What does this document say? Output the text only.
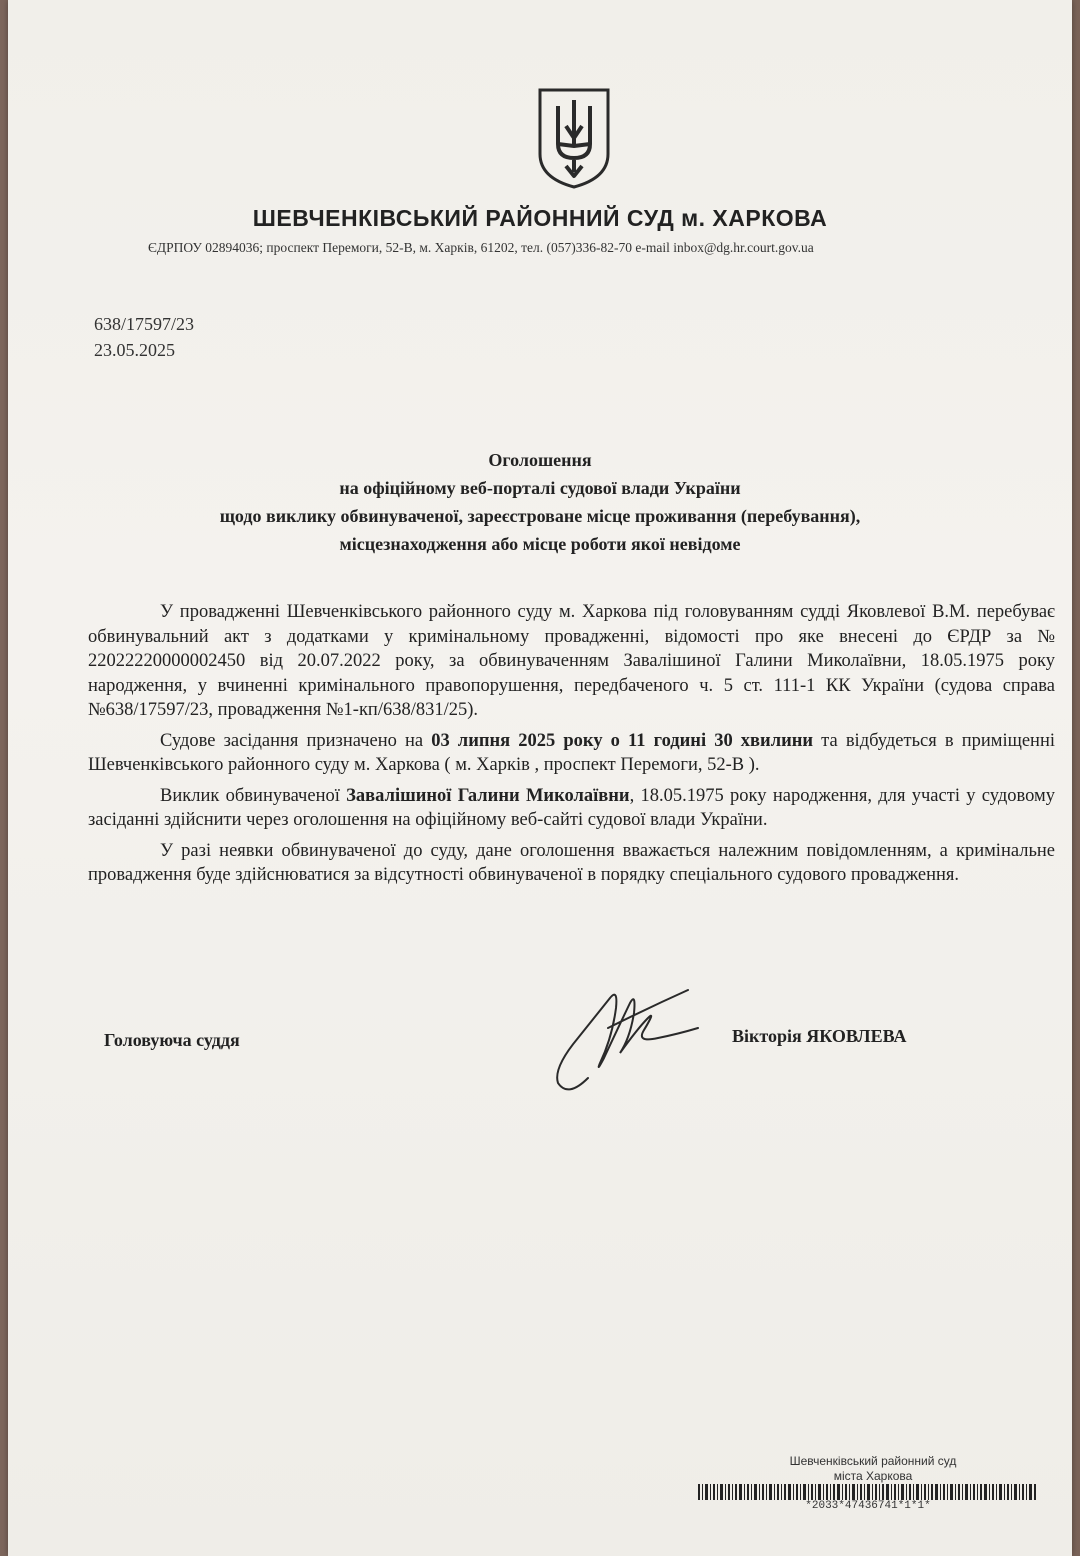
ШЕВЧЕНКІВСЬКИЙ РАЙОННИЙ СУД м. ХАРКОВА
ЄДРПОУ 02894036; проспект Перемоги, 52-В, м. Харків, 61202, тел. (057)336-82-70 e-mail inbox@dg.hr.court.gov.ua
638/17597/23
23.05.2025
Оголошення
на офіційному веб-порталі судової влади України
щодо виклику обвинуваченої, зареєстроване місце проживання (перебування),
місцезнаходження або місце роботи якої невідоме

У провадженні Шевченківського районного суду м. Харкова під головуванням судді Яковлевої В.М. перебуває обвинувальний акт з додатками у кримінальному провадженні, відомості про яке внесені до ЄРДР за № 22022220000002450 від 20.07.2022 року, за обвинуваченням Завалішиної Галини Миколаївни, 18.05.1975 року народження, у вчиненні кримінального правопорушення, передбаченого ч. 5 ст. 111-1 КК України (судова справа №638/17597/23, провадження №1-кп/638/831/25).

Судове засідання призначено на 03 липня 2025 року о 11 годині 30 хвилини та відбудеться в приміщенні Шевченківського районного суду м. Харкова ( м. Харків , проспект Перемоги, 52-В ).

Виклик обвинуваченої Завалішиної Галини Миколаївни, 18.05.1975 року народження, для участі у судовому засіданні здійснити через оголошення на офіційному веб-сайті судової влади України.

У разі неявки обвинуваченої до суду, дане оголошення вважається належним повідомленням, а кримінальне провадження буде здійснюватися за відсутності обвинуваченої в порядку спеціального судового провадження.

Головуюча суддя	Вікторія ЯКОВЛЕВА
Шевченківський районний суд
міста Харкова
*2033*47436741*1*1*
